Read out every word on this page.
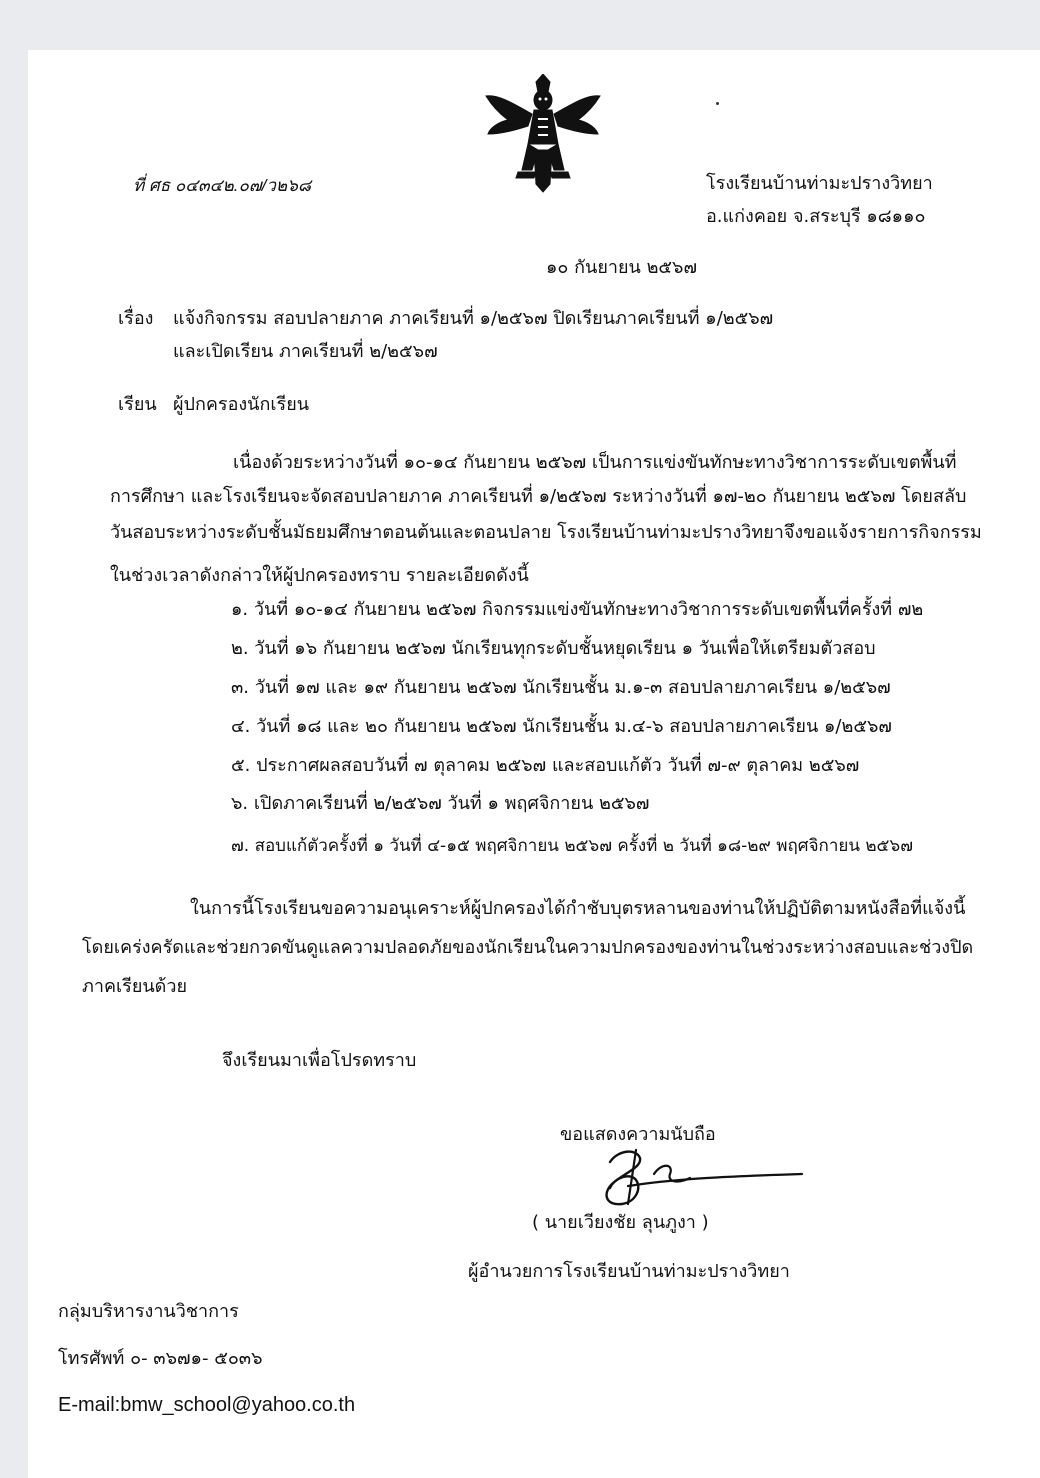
ที่ ศธ ๐๔๓๔๒.๐๗/ว๒๖๘	โรงเรียนบ้านท่ามะปรางวิทยา
อ.แก่งคอย จ.สระบุรี ๑๘๑๑๐
๑๐ กันยายน ๒๕๖๗
เรื่อง แจ้งกิจกรรม สอบปลายภาค ภาคเรียนที่ ๑/๒๕๖๗ ปิดเรียนภาคเรียนที่ ๑/๒๕๖๗
และเปิดเรียน ภาคเรียนที่ ๒/๒๕๖๗
เรียน ผู้ปกครองนักเรียน
เนื่องด้วยระหว่างวันที่ ๑๐-๑๔ กันยายน ๒๕๖๗ เป็นการแข่งขันทักษะทางวิชาการระดับเขตพื้นที่
การศึกษา และโรงเรียนจะจัดสอบปลายภาค ภาคเรียนที่ ๑/๒๕๖๗ ระหว่างวันที่ ๑๗-๒๐ กันยายน ๒๕๖๗ โดยสลับ
วันสอบระหว่างระดับชั้นมัธยมศึกษาตอนต้นและตอนปลาย โรงเรียนบ้านท่ามะปรางวิทยาจึงขอแจ้งรายการกิจกรรม
ในช่วงเวลาดังกล่าวให้ผู้ปกครองทราบ รายละเอียดดังนี้
๑. วันที่ ๑๐-๑๔ กันยายน ๒๕๖๗ กิจกรรมแข่งขันทักษะทางวิชาการระดับเขตพื้นที่ครั้งที่ ๗๒
๒. วันที่ ๑๖ กันยายน ๒๕๖๗ นักเรียนทุกระดับชั้นหยุดเรียน ๑ วันเพื่อให้เตรียมตัวสอบ
๓. วันที่ ๑๗ และ ๑๙ กันยายน ๒๕๖๗ นักเรียนชั้น ม.๑-๓ สอบปลายภาคเรียน ๑/๒๕๖๗
๔. วันที่ ๑๘ และ ๒๐ กันยายน ๒๕๖๗ นักเรียนชั้น ม.๔-๖ สอบปลายภาคเรียน ๑/๒๕๖๗
๕. ประกาศผลสอบวันที่ ๗ ตุลาคม ๒๕๖๗ และสอบแก้ตัว วันที่ ๗-๙ ตุลาคม ๒๕๖๗
๖. เปิดภาคเรียนที่ ๒/๒๕๖๗ วันที่ ๑ พฤศจิกายน ๒๕๖๗
๗. สอบแก้ตัวครั้งที่ ๑ วันที่ ๔-๑๕ พฤศจิกายน ๒๕๖๗ ครั้งที่ ๒ วันที่ ๑๘-๒๙ พฤศจิกายน ๒๕๖๗
ในการนี้โรงเรียนขอความอนุเคราะห์ผู้ปกครองได้กำชับบุตรหลานของท่านให้ปฏิบัติตามหนังสือที่แจ้งนี้
โดยเคร่งครัดและช่วยกวดขันดูแลความปลอดภัยของนักเรียนในความปกครองของท่านในช่วงระหว่างสอบและช่วงปิด
ภาคเรียนด้วย
จึงเรียนมาเพื่อโปรดทราบ
ขอแสดงความนับถือ
( นายเวียงชัย ลุนภูงา )
ผู้อำนวยการโรงเรียนบ้านท่ามะปรางวิทยา
กลุ่มบริหารงานวิชาการ
โทรศัพท์ ๐- ๓๖๗๑- ๕๐๓๖
E-mail:bmw_school@yahoo.co.th
